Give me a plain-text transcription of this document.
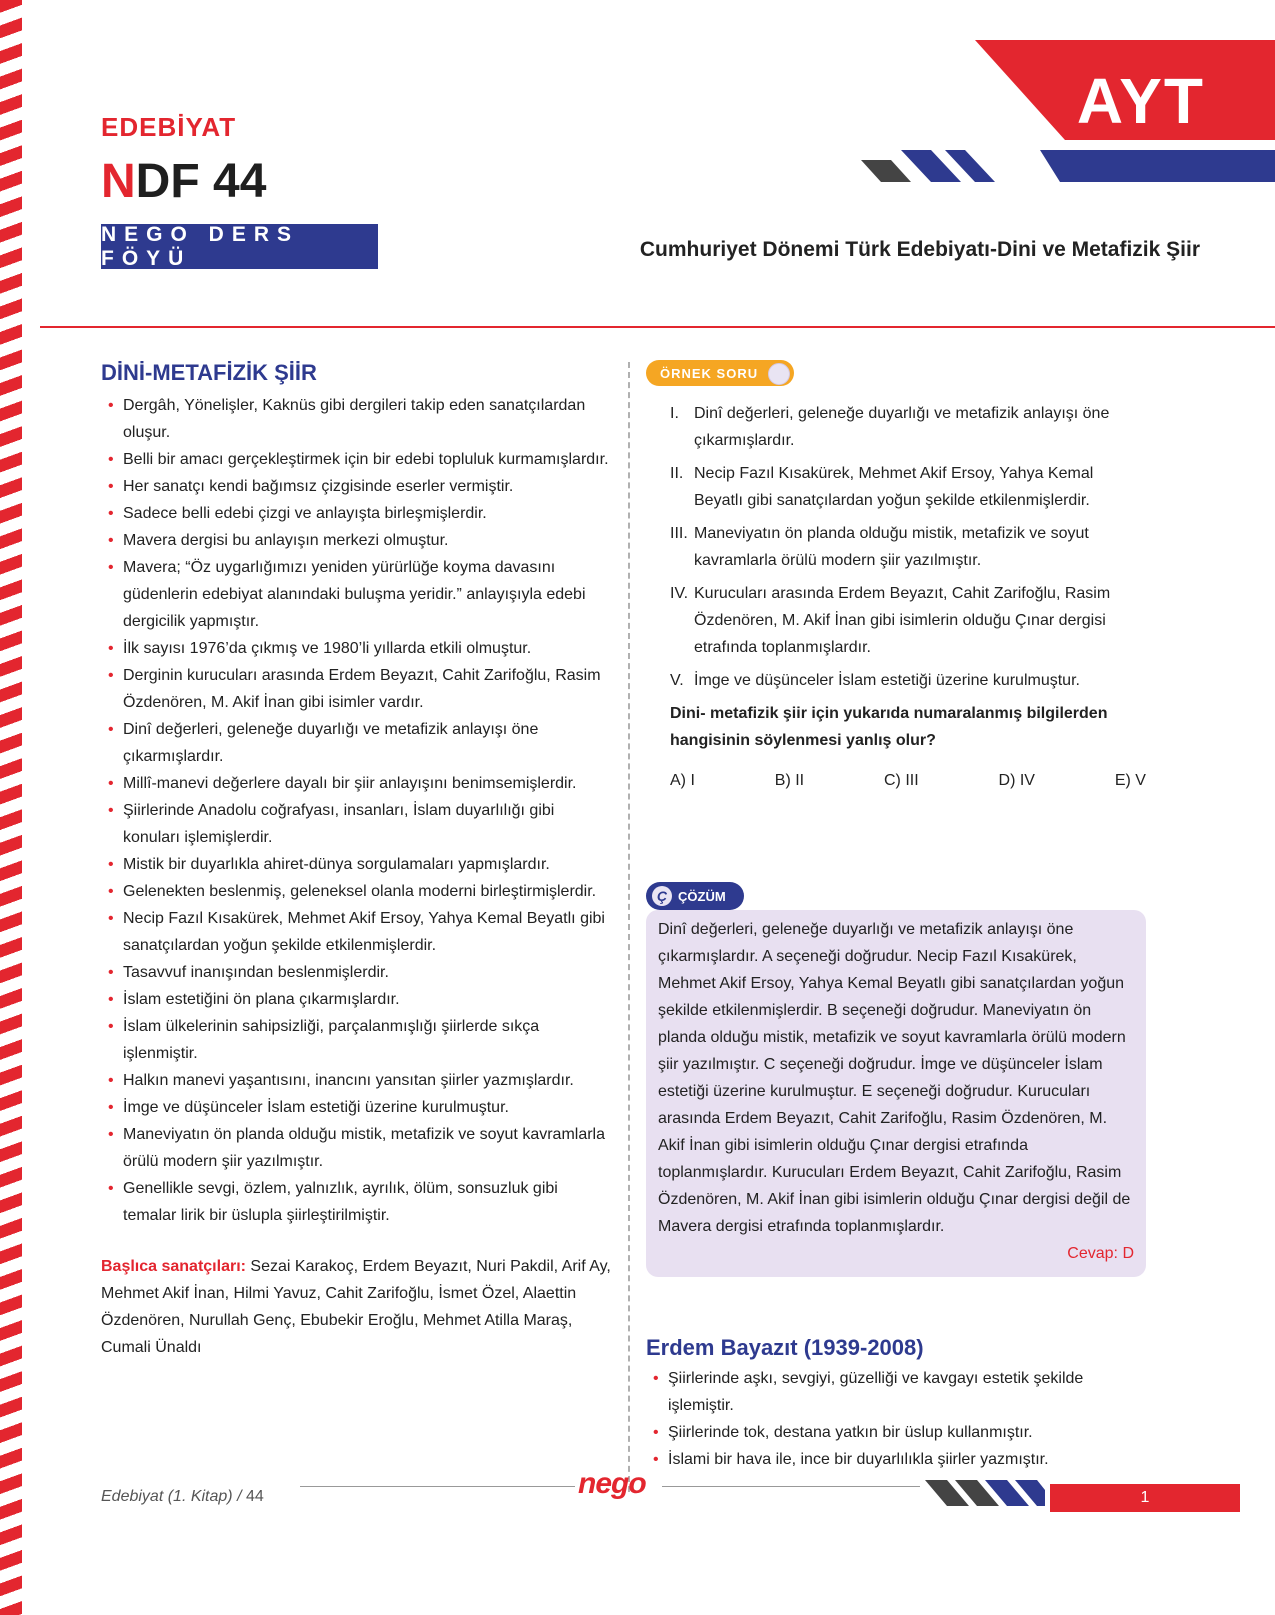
EDEBİYAT
NDF 44
NEGO DERS FÖYÜ
AYT
Cumhuriyet Dönemi Türk Edebiyatı-Dini ve Metafizik Şiir
DİNİ-METAFİZİK ŞİİR
• Dergâh, Yönelişler, Kaknüs gibi dergileri takip eden sanatçılardan oluşur.
• Belli bir amacı gerçekleştirmek için bir edebi topluluk kurmamışlardır.
• Her sanatçı kendi bağımsız çizgisinde eserler vermiştir.
• Sadece belli edebi çizgi ve anlayışta birleşmişlerdir.
• Mavera dergisi bu anlayışın merkezi olmuştur.
• Mavera; “Öz uygarlığımızı yeniden yürürlüğe koyma davasını güdenlerin edebiyat alanındaki buluşma yeridir.” anlayışıyla edebi dergicilik yapmıştır.
• İlk sayısı 1976’da çıkmış ve 1980’li yıllarda etkili olmuştur.
• Derginin kurucuları arasında Erdem Beyazıt, Cahit Zarifoğlu, Rasim Özdenören, M. Akif İnan gibi isimler vardır.
• Dinî değerleri, geleneğe duyarlığı ve metafizik anlayışı öne çıkarmışlardır.
• Millî-manevi değerlere dayalı bir şiir anlayışını benimsemişlerdir.
• Şiirlerinde Anadolu coğrafyası, insanları, İslam duyarlılığı gibi konuları işlemişlerdir.
• Mistik bir duyarlıkla ahiret-dünya sorgulamaları yapmışlardır.
• Gelenekten beslenmiş, geleneksel olanla moderni birleştirmişlerdir.
• Necip Fazıl Kısakürek, Mehmet Akif Ersoy, Yahya Kemal Beyatlı gibi sanatçılardan yoğun şekilde etkilenmişlerdir.
• Tasavvuf inanışından beslenmişlerdir.
• İslam estetiğini ön plana çıkarmışlardır.
• İslam ülkelerinin sahipsizliği, parçalanmışlığı şiirlerde sıkça işlenmiştir.
• Halkın manevi yaşantısını, inancını yansıtan şiirler yazmışlardır.
• İmge ve düşünceler İslam estetiği üzerine kurulmuştur.
• Maneviyatın ön planda olduğu mistik, metafizik ve soyut kavramlarla örülü modern şiir yazılmıştır.
• Genellikle sevgi, özlem, yalnızlık, ayrılık, ölüm, sonsuzluk gibi temalar lirik bir üslupla şiirleştirilmiştir.
Başlıca sanatçıları: Sezai Karakoç, Erdem Beyazıt, Nuri Pakdil, Arif Ay, Mehmet Akif İnan, Hilmi Yavuz, Cahit Zarifoğlu, İsmet Özel, Alaettin Özdenören, Nurullah Genç, Ebubekir Eroğlu, Mehmet Atilla Maraş, Cumali Ünaldı
ÖRNEK SORU
I. Dinî değerleri, geleneğe duyarlığı ve metafizik anlayışı öne çıkarmışlardır.
II. Necip Fazıl Kısakürek, Mehmet Akif Ersoy, Yahya Kemal Beyatlı gibi sanatçılardan yoğun şekilde etkilenmişlerdir.
III. Maneviyatın ön planda olduğu mistik, metafizik ve soyut kavramlarla örülü modern şiir yazılmıştır.
IV. Kurucuları arasında Erdem Beyazıt, Cahit Zarifoğlu, Rasim Özdenören, M. Akif İnan gibi isimlerin olduğu Çınar dergisi etrafında toplanmışlardır.
V. İmge ve düşünceler İslam estetiği üzerine kurulmuştur.
Dini- metafizik şiir için yukarıda numaralanmış bilgilerden hangisinin söylenmesi yanlış olur?
A) I	B) II	C) III	D) IV	E) V
Ç ÇÖZÜM
Dinî değerleri, geleneğe duyarlığı ve metafizik anlayışı öne çıkarmışlardır. A seçeneği doğrudur. Necip Fazıl Kısakürek, Mehmet Akif Ersoy, Yahya Kemal Beyatlı gibi sanatçılardan yoğun şekilde etkilenmişlerdir. B seçeneği doğrudur. Maneviyatın ön planda olduğu mistik, metafizik ve soyut kavramlarla örülü modern şiir yazılmıştır. C seçeneği doğrudur. İmge ve düşünceler İslam estetiği üzerine kurulmuştur. E seçeneği doğrudur. Kurucuları arasında Erdem Beyazıt, Cahit Zarifoğlu, Rasim Özdenören, M. Akif İnan gibi isimlerin olduğu Çınar dergisi etrafında toplanmışlardır. Kurucuları Erdem Beyazıt, Cahit Zarifoğlu, Rasim Özdenören, M. Akif İnan gibi isimlerin olduğu Çınar dergisi değil de Mavera dergisi etrafında toplanmışlardır.
Cevap: D
Erdem Bayazıt (1939-2008)
• Şiirlerinde aşkı, sevgiyi, güzelliği ve kavgayı estetik şekilde işlemiştir.
• Şiirlerinde tok, destana yatkın bir üslup kullanmıştır.
• İslami bir hava ile, ince bir duyarlılıkla şiirler yazmıştır.
Edebiyat (1. Kitap) / 44	nego	1
